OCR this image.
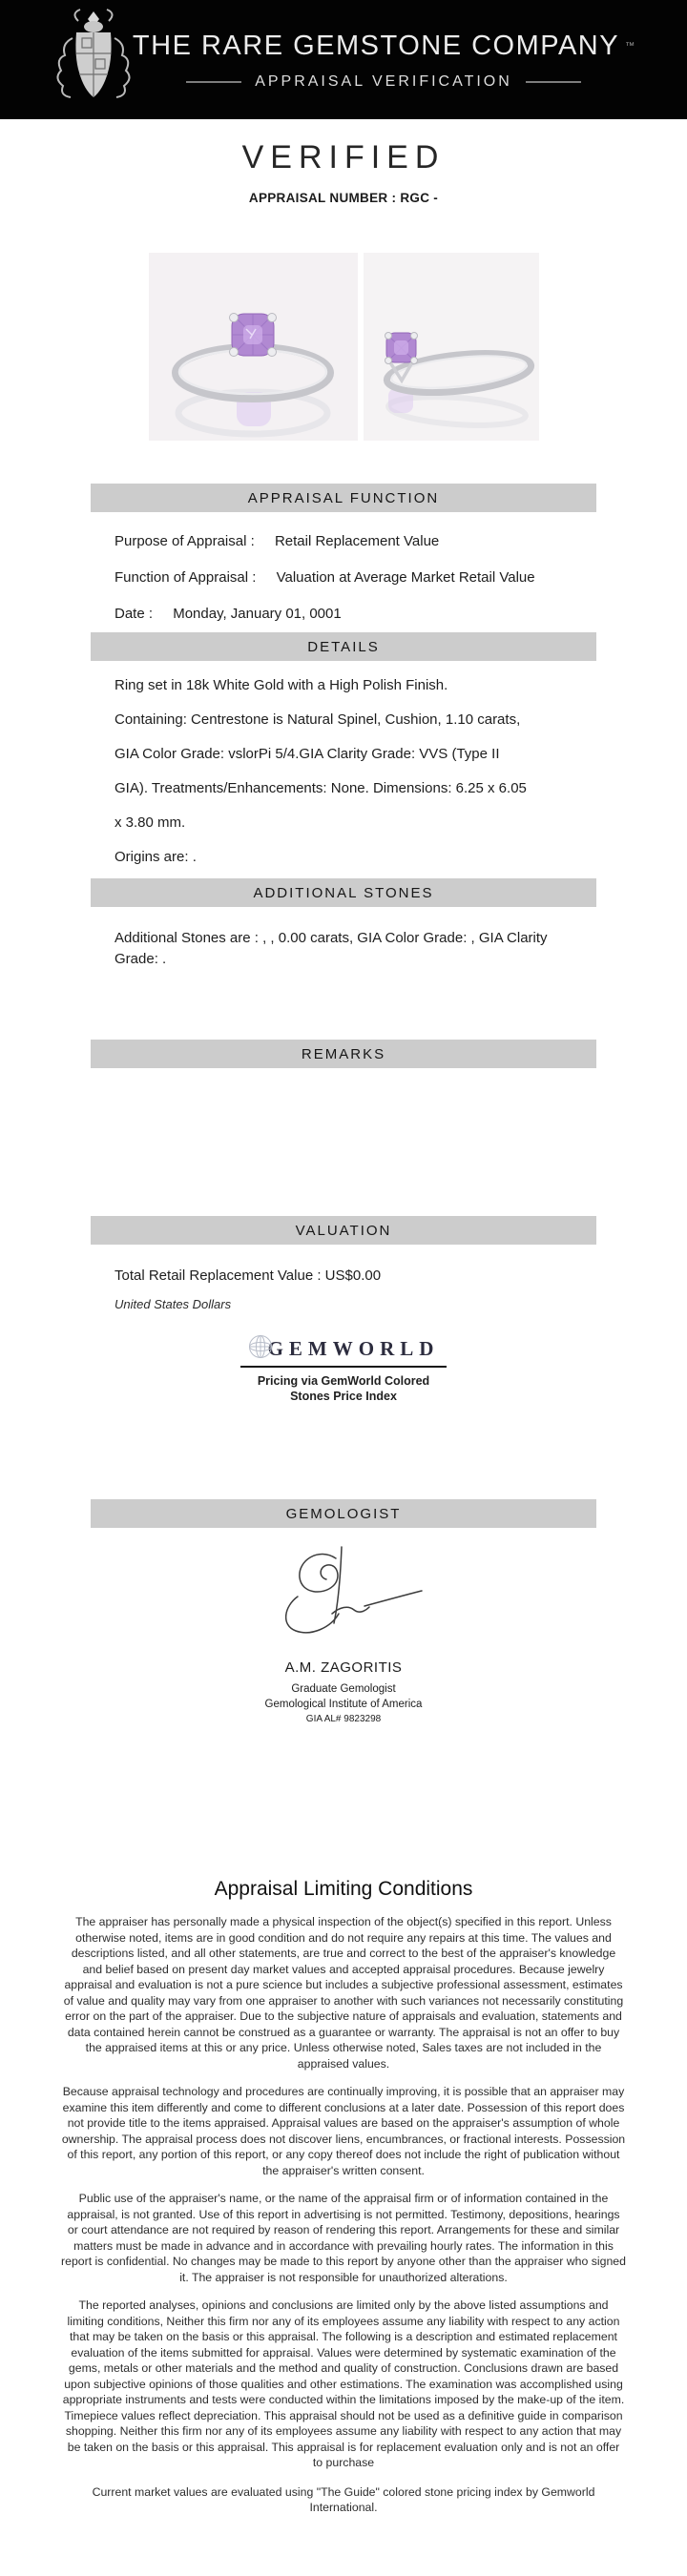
THE RARE GEMSTONE COMPANY ™
APPRAISAL VERIFICATION
VERIFIED
APPRAISAL NUMBER : RGC -
APPRAISAL FUNCTION
Purpose of Appraisal : Retail Replacement Value
Function of Appraisal : Valuation at Average Market Retail Value
Date : Monday, January 01, 0001
DETAILS
Ring set in 18k White Gold with a High Polish Finish.
Containing: Centrestone is Natural Spinel, Cushion, 1.10 carats,
GIA Color Grade: vslorPi 5/4.GIA Clarity Grade: VVS (Type II
GIA). Treatments/Enhancements: None. Dimensions: 6.25 x 6.05
x 3.80 mm.
Origins are: .
ADDITIONAL STONES
Additional Stones are : , , 0.00 carats, GIA Color Grade: , GIA Clarity Grade: .
REMARKS
VALUATION
Total Retail Replacement Value : US$0.00
United States Dollars
GEMWORLD
Pricing via GemWorld Colored Stones Price Index
GEMOLOGIST
A.M. ZAGORITIS
Graduate Gemologist
Gemological Institute of America
GIA AL# 9823298
Appraisal Limiting Conditions

The appraiser has personally made a physical inspection of the object(s) specified in this report. Unless otherwise noted, items are in good condition and do not require any repairs at this time. The values and descriptions listed, and all other statements, are true and correct to the best of the appraiser's knowledge and belief based on present day market values and accepted appraisal procedures. Because jewelry appraisal and evaluation is not a pure science but includes a subjective professional assessment, estimates of value and quality may vary from one appraiser to another with such variances not necessarily constituting error on the part of the appraiser. Due to the subjective nature of appraisals and evaluation, statements and data contained herein cannot be construed as a guarantee or warranty. The appraisal is not an offer to buy the appraised items at this or any price. Unless otherwise noted, Sales taxes are not included in the appraised values.

Because appraisal technology and procedures are continually improving, it is possible that an appraiser may examine this item differently and come to different conclusions at a later date. Possession of this report does not provide title to the items appraised. Appraisal values are based on the appraiser's assumption of whole ownership. The appraisal process does not discover liens, encumbrances, or fractional interests. Possession of this report, any portion of this report, or any copy thereof does not include the right of publication without the appraiser's written consent.

Public use of the appraiser's name, or the name of the appraisal firm or of information contained in the appraisal, is not granted. Use of this report in advertising is not permitted. Testimony, depositions, hearings or court attendance are not required by reason of rendering this report. Arrangements for these and similar matters must be made in advance and in accordance with prevailing hourly rates. The information in this report is confidential. No changes may be made to this report by anyone other than the appraiser who signed it. The appraiser is not responsible for unauthorized alterations.

The reported analyses, opinions and conclusions are limited only by the above listed assumptions and limiting conditions, Neither this firm nor any of its employees assume any liability with respect to any action that may be taken on the basis or this appraisal. The following is a description and estimated replacement evaluation of the items submitted for appraisal. Values were determined by systematic examination of the gems, metals or other materials and the method and quality of construction. Conclusions drawn are based upon subjective opinions of those qualities and other estimations. The examination was accomplished using appropriate instruments and tests were conducted within the limitations imposed by the make-up of the item. Timepiece values reflect depreciation. This appraisal should not be used as a definitive guide in comparison shopping. Neither this firm nor any of its employees assume any liability with respect to any action that may be taken on the basis or this appraisal. This appraisal is for replacement evaluation only and is not an offer to purchase

Current market values are evaluated using "The Guide" colored stone pricing index by Gemworld International.
